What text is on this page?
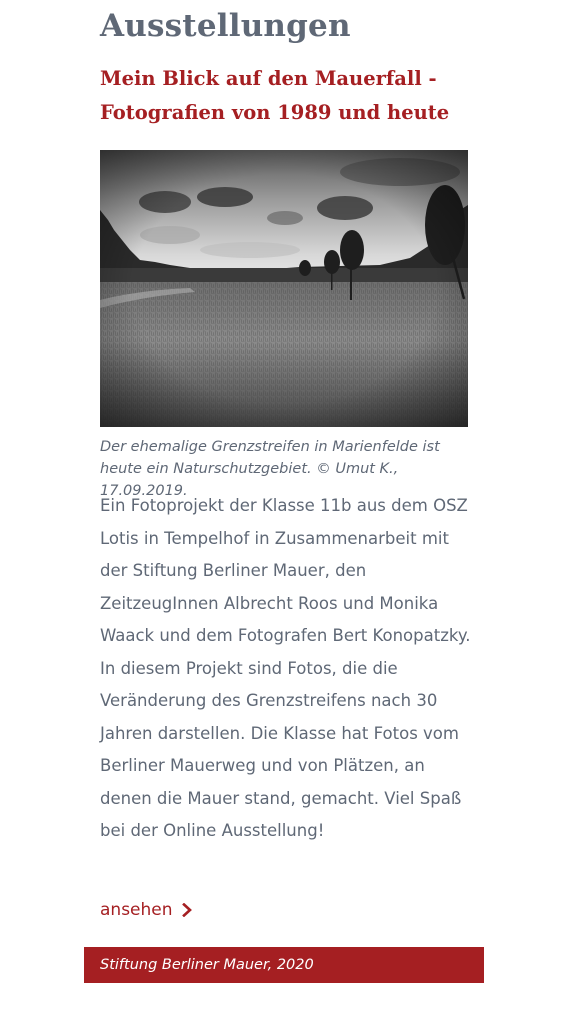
Ausstellungen
Mein Blick auf den Mauerfall - Fotografien von 1989 und heute

Der ehemalige Grenzstreifen in Marienfelde ist heute ein Naturschutzgebiet. © Umut K., 17.09.2019.

Ein Fotoprojekt der Klasse 11b aus dem OSZ Lotis in Tempelhof in Zusammenarbeit mit der Stiftung Berliner Mauer, den ZeitzeugInnen Albrecht Roos und Monika Waack und dem Fotografen Bert Konopatzky. In diesem Projekt sind Fotos, die die Veränderung des Grenzstreifens nach 30 Jahren darstellen. Die Klasse hat Fotos vom Berliner Mauerweg und von Plätzen, an denen die Mauer stand, gemacht. Viel Spaß bei der Online Ausstellung!

ansehen
Stiftung Berliner Mauer, 2020
